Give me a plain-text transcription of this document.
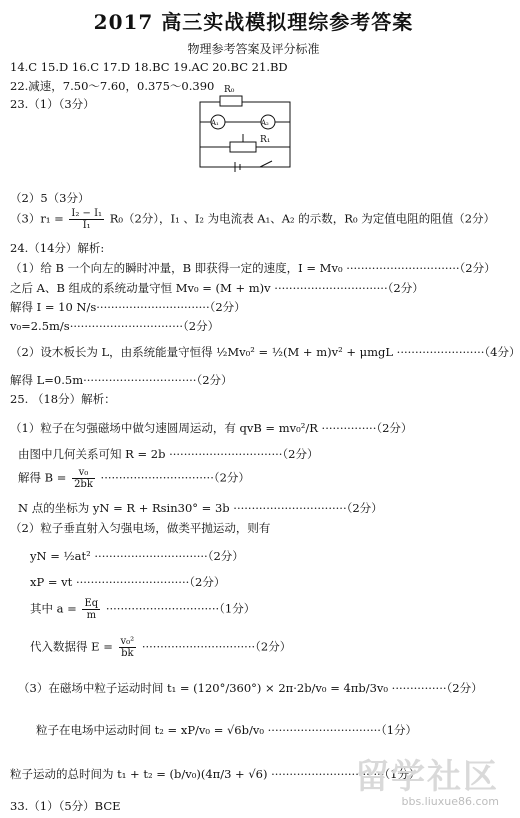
2017 高三实战模拟理综参考答案
物理参考答案及评分标准
14.C 15.D 16.C 17.D 18.BC 19.AC 20.BC 21.BD
22.减速，7.50～7.60，0.375～0.390
23.（1）（3分）
R₀
A₁	A₂
R₁
（2）5（3分）
$(3)r_1 = \frac{\text{I₂ − I₁}}{\text{I₁}} R_0(2$分），I₁ 、I₂ 为电流表 A₁、A₂ 的示数，R₀ 为定值电阻的阻值（2分）
24.（14分）解析:
（1）给 B 一个向左的瞬时冲量，B 即获得一定的速度，I = Mv₀ ·······························（2分）
之后 A、B 组成的系统动量守恒 Mv₀ = (M + m)v ·······························（2分）
解得 I = 10 N/s·······························（2分）
v₀=2.5m/s·······························（2分）
（2）设木板长为 L，由系统能量守恒得 ½Mv₀² = ½(M + m)v² + μmgL ························（4分）
解得 L=0.5m·······························（2分）
25. （18分）解析：
（1）粒子在匀强磁场中做匀速圆周运动，有 qvB = mv₀²/R ···············（2分）
由图中几何关系可知 R = 2b ·······························（2分）
解得 $B = \frac{\text{v₀}}{2bk} \cdot\cdot\cdot\cdot\cdot\cdot\cdot\cdot\cdot\cdot\cdot\cdot\cdot\cdot\cdot\cdot\cdot\cdot\cdot\cdot\cdot\cdot\cdot\cdot\cdot\cdot\cdot\cdot\cdot\cdot\cdot(2$分）
N 点的坐标为 yN = R + Rsin30° = 3b ·······························（2分）
（2）粒子垂直射入匀强电场，做类平抛运动，则有
yN = ½at² ·······························（2分）
xP = vt ·······························（2分）
其中 $a = \frac{Eq}{m} \cdot\cdot\cdot\cdot\cdot\cdot\cdot\cdot\cdot\cdot\cdot\cdot\cdot\cdot\cdot\cdot\cdot\cdot\cdot\cdot\cdot\cdot\cdot\cdot\cdot\cdot\cdot\cdot\cdot\cdot\cdot(1$分）
代入数据得 $E = \frac{\text{v₀²}}{bk} \cdot\cdot\cdot\cdot\cdot\cdot\cdot\cdot\cdot\cdot\cdot\cdot\cdot\cdot\cdot\cdot\cdot\cdot\cdot\cdot\cdot\cdot\cdot\cdot\cdot\cdot\cdot\cdot\cdot\cdot\cdot(2$分）
（3）在磁场中粒子运动时间 t₁ = (120°/360°) × 2π·2b/v₀ = 4πb/3v₀ ···············（2分）
粒子在电场中运动时间 t₂ = xP/v₀ = √6b/v₀ ·······························（1分）
粒子运动的总时间为 t₁ + t₂ = (b/v₀)(4π/3 + √6) ·······························（1分）
33.（1）（5分）BCE
留学社区
bbs.liuxue86.com
